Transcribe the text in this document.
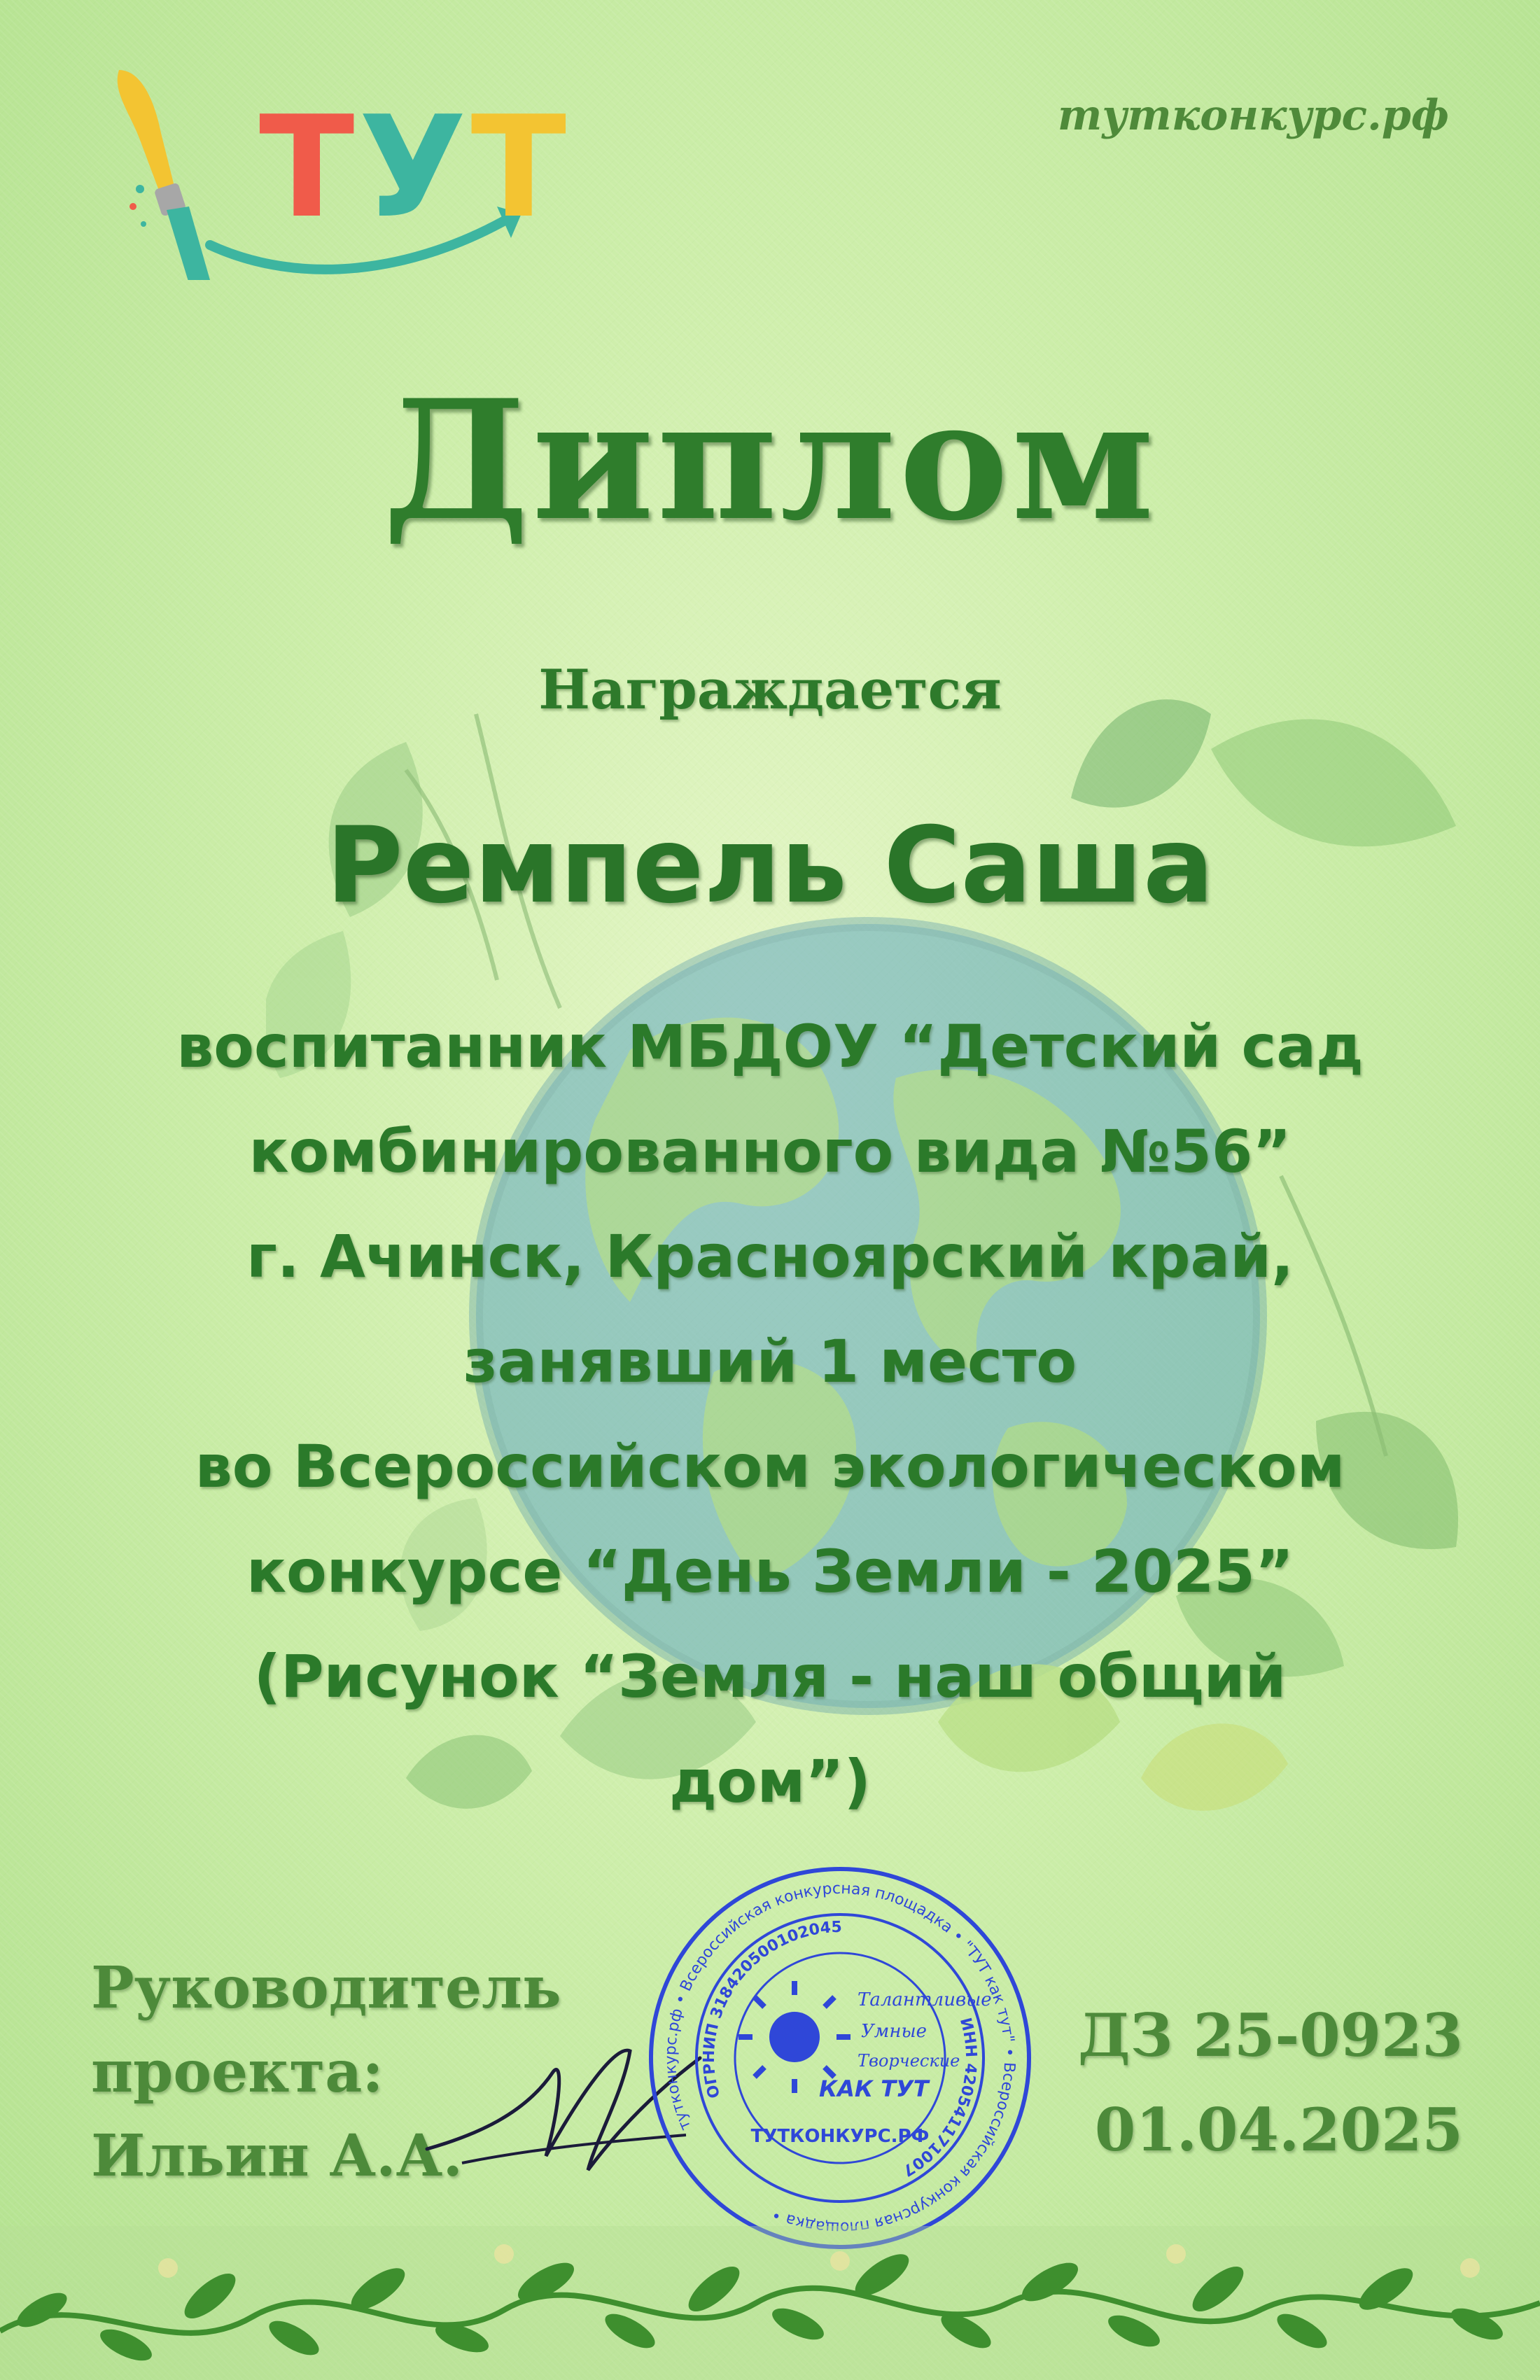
ТУТ	туткoнкурс.рф
Диплом
Награждается
Ремпель Саша
воспитанник МБДОУ “Детский сад
комбинированного вида №56”
г. Ачинск, Красноярский край,
занявший 1 место
во Всероссийском экологическом
конкурсе “День Земли - 2025”
(Рисунок “Земля - наш общий
дом”)
Руководитель
проекта:
Ильин А.А.	тутконкурс.рф • Всероссийская конкурсная площадка • "ТУТ как тут" • Всероссийская конкурсная площадка •
ОГРНИП 318420500102045
ИНН 420541171007
Талантливые
Умные
Творческие
КАК ТУТ
ТУТКОНКУРС.РФ
ДЗ 25-0923
01.04.2025
